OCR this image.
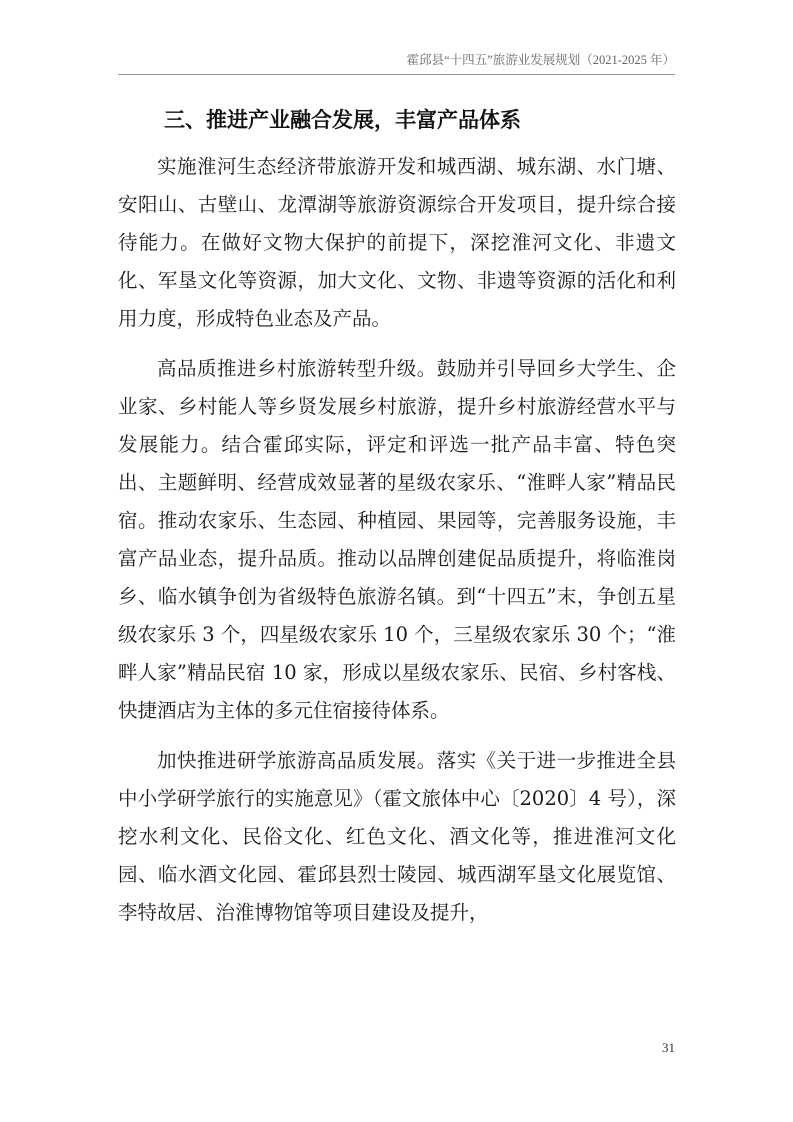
霍邱县“十四五”旅游业发展规划（2021-2025 年）
三、推进产业融合发展，丰富产品体系

实施淮河生态经济带旅游开发和城西湖、城东湖、水门塘、安阳山、古壁山、龙潭湖等旅游资源综合开发项目，提升综合接待能力。在做好文物大保护的前提下，深挖淮河文化、非遗文化、军垦文化等资源，加大文化、文物、非遗等资源的活化和利用力度，形成特色业态及产品。

高品质推进乡村旅游转型升级。鼓励并引导回乡大学生、企业家、乡村能人等乡贤发展乡村旅游，提升乡村旅游经营水平与发展能力。结合霍邱实际，评定和评选一批产品丰富、特色突出、主题鲜明、经营成效显著的星级农家乐、“淮畔人家”精品民宿。推动农家乐、生态园、种植园、果园等，完善服务设施，丰富产品业态，提升品质。推动以品牌创建促品质提升，将临淮岗乡、临水镇争创为省级特色旅游名镇。到“十四五”末，争创五星级农家乐 3 个，四星级农家乐 10 个，三星级农家乐 30 个；“淮畔人家”精品民宿 10 家，形成以星级农家乐、民宿、乡村客栈、快捷酒店为主体的多元住宿接待体系。

加快推进研学旅游高品质发展。落实《关于进一步推进全县中小学研学旅行的实施意见》（霍文旅体中心〔2020〕4 号），深挖水利文化、民俗文化、红色文化、酒文化等，推进淮河文化园、临水酒文化园、霍邱县烈士陵园、城西湖军垦文化展览馆、李特故居、治淮博物馆等项目建设及提升，

31
